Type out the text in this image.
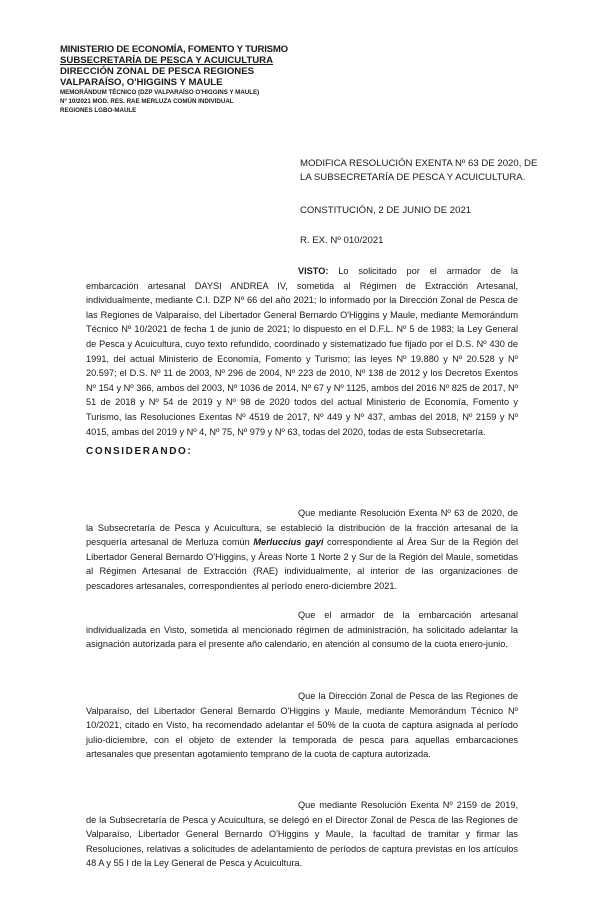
MINISTERIO DE ECONOMÍA, FOMENTO Y TURISMO
SUBSECRETARÍA DE PESCA Y ACUICULTURA
DIRECCIÓN ZONAL DE PESCA REGIONES
VALPARAÍSO, O'HIGGINS Y MAULE
MEMORÁNDUM TÉCNICO (DZP VALPARAÍSO O'HIGGINS Y MAULE)
Nº 10/2021 MOD. RES. RAE MERLUZA COMÚN INDIVIDUAL
REGIONES LGBO-MAULE
MODIFICA RESOLUCIÓN EXENTA Nº 63 DE 2020, DE LA SUBSECRETARÍA DE PESCA Y ACUICULTURA.
CONSTITUCIÓN, 2 DE JUNIO DE 2021
R. EX. Nº 010/2021
VISTO: Lo solicitado por el armador de la embarcación artesanal DAYSI ANDREA IV, sometida al Régimen de Extracción Artesanal, individualmente, mediante C.I. DZP Nº 66 del año 2021; lo informado por la Dirección Zonal de Pesca de las Regiones de Valparaíso, del Libertador General Bernardo O'Higgins y Maule, mediante Memorándum Técnico Nº 10/2021 de fecha 1 de junio de 2021; lo dispuesto en el D.F.L. Nº 5 de 1983; la Ley General de Pesca y Acuicultura, cuyo texto refundido, coordinado y sistematizado fue fijado por el D.S. Nº 430 de 1991, del actual Ministerio de Economía, Fomento y Turismo; las leyes Nº 19.880 y Nº 20.528 y Nº 20.597; el D.S. Nº 11 de 2003, Nº 296 de 2004, Nº 223 de 2010, Nº 138 de 2012 y los Decretos Exentos Nº 154 y Nº 366, ambos del 2003, Nº 1036 de 2014, Nº 67 y Nº 1125, ambos del 2016 Nº 825 de 2017, Nº 51 de 2018 y Nº 54 de 2019 y Nº 98 de 2020 todos del actual Ministerio de Economía, Fomento y Turismo, las Resoluciones Exentas Nº 4519 de 2017, Nº 449 y Nº 437, ambas del 2018, Nº 2159 y Nº 4015, ambas del 2019 y Nº 4, Nº 75, Nº 979 y Nº 63, todas del 2020, todas de esta Subsecretaría.
CONSIDERANDO:
Que mediante Resolución Exenta Nº 63 de 2020, de la Subsecretaría de Pesca y Acuicultura, se estableció la distribución de la fracción artesanal de la pesquería artesanal de Merluza común Merluccius gayi correspondiente al Área Sur de la Región del Libertador General Bernardo O'Higgins, y Áreas Norte 1 Norte 2 y Sur de la Región del Maule, sometidas al Régimen Artesanal de Extracción (RAE) individualmente, al interior de las organizaciones de pescadores artesanales, correspondientes al período enero-diciembre 2021.
Que el armador de la embarcación artesanal individualizada en Visto, sometida al mencionado régimen de administración, ha solicitado adelantar la asignación autorizada para el presente año calendario, en atención al consumo de la cuota enero-junio.
Que la Dirección Zonal de Pesca de las Regiones de Valparaíso, del Libertador General Bernardo O'Higgins y Maule, mediante Memorándum Técnico Nº 10/2021, citado en Visto, ha recomendado adelantar el 50% de la cuota de captura asignada al período julio-diciembre, con el objeto de extender la temporada de pesca para aquellas embarcaciones artesanales que presentan agotamiento temprano de la cuota de captura autorizada.
Que mediante Resolución Exenta Nº 2159 de 2019, de la Subsecretaría de Pesca y Acuicultura, se delegó en el Director Zonal de Pesca de las Regiones de Valparaíso, Libertador General Bernardo O'Higgins y Maule, la facultad de tramitar y firmar las Resoluciones, relativas a solicitudes de adelantamiento de períodos de captura previstas en los artículos 48 A y 55 I de la Ley General de Pesca y Acuicultura.
